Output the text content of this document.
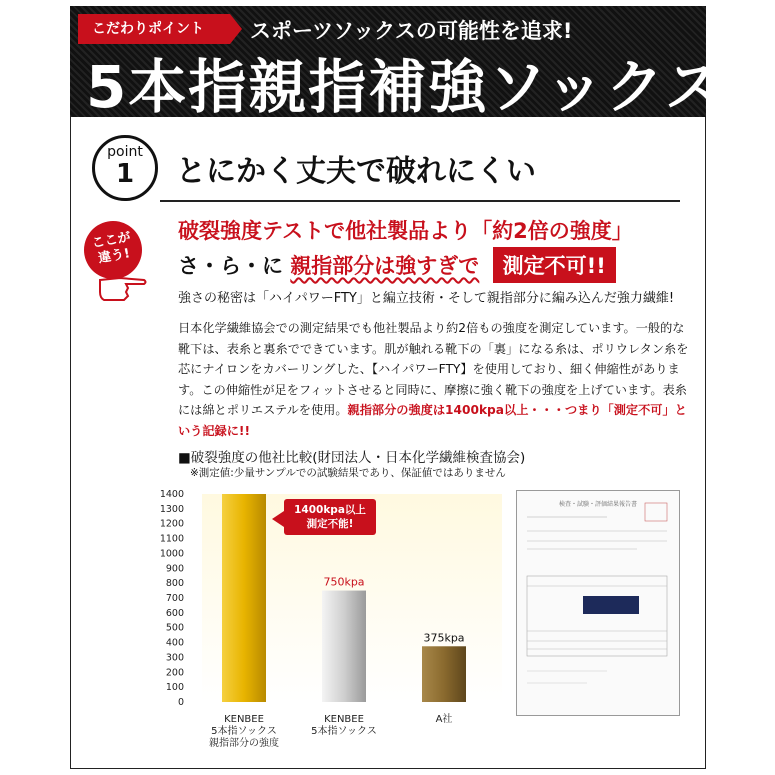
こだわりポイント	スポーツソックスの可能性を追求!
5本指親指補強ソックス
point
1	とにかく丈夫で破れにくい
ここが
違う!
破裂強度テストで他社製品より「約2倍の強度」
さ・ら・に 親指部分は強すぎで 測定不可!!
強さの秘密は「ハイパワーFTY」と編立技術・そして親指部分に編み込んだ強力繊維!
日本化学繊維協会での測定結果でも他社製品より約2倍もの強度を測定しています。一般的な靴下は、表糸と裏糸でできています。肌が触れる靴下の「裏」になる糸は、ポリウレタン糸を芯にナイロンをカバーリングした、【ハイパワーFTY】を使用しており、細く伸縮性があります。この伸縮性が足をフィットさせると同時に、摩擦に強く靴下の強度を上げています。表糸には綿とポリエステルを使用。親指部分の強度は1400kpa以上・・・つまり「測定不可」という記録に!!
■破裂強度の他社比較(財団法人・日本化学繊維検査協会)
※測定値:少量サンプルでの試験結果であり、保証値ではありません
0
100
200
300
400
500
600
700
800
900
1000
1100
1200
1300
1400
KENBEE
5本指ソックス
親指部分の強度
750kpa
KENBEE
5本指ソックス
375kpa
A社
1400kpa以上
測定不能!
検査・試験・評価結果報告書
